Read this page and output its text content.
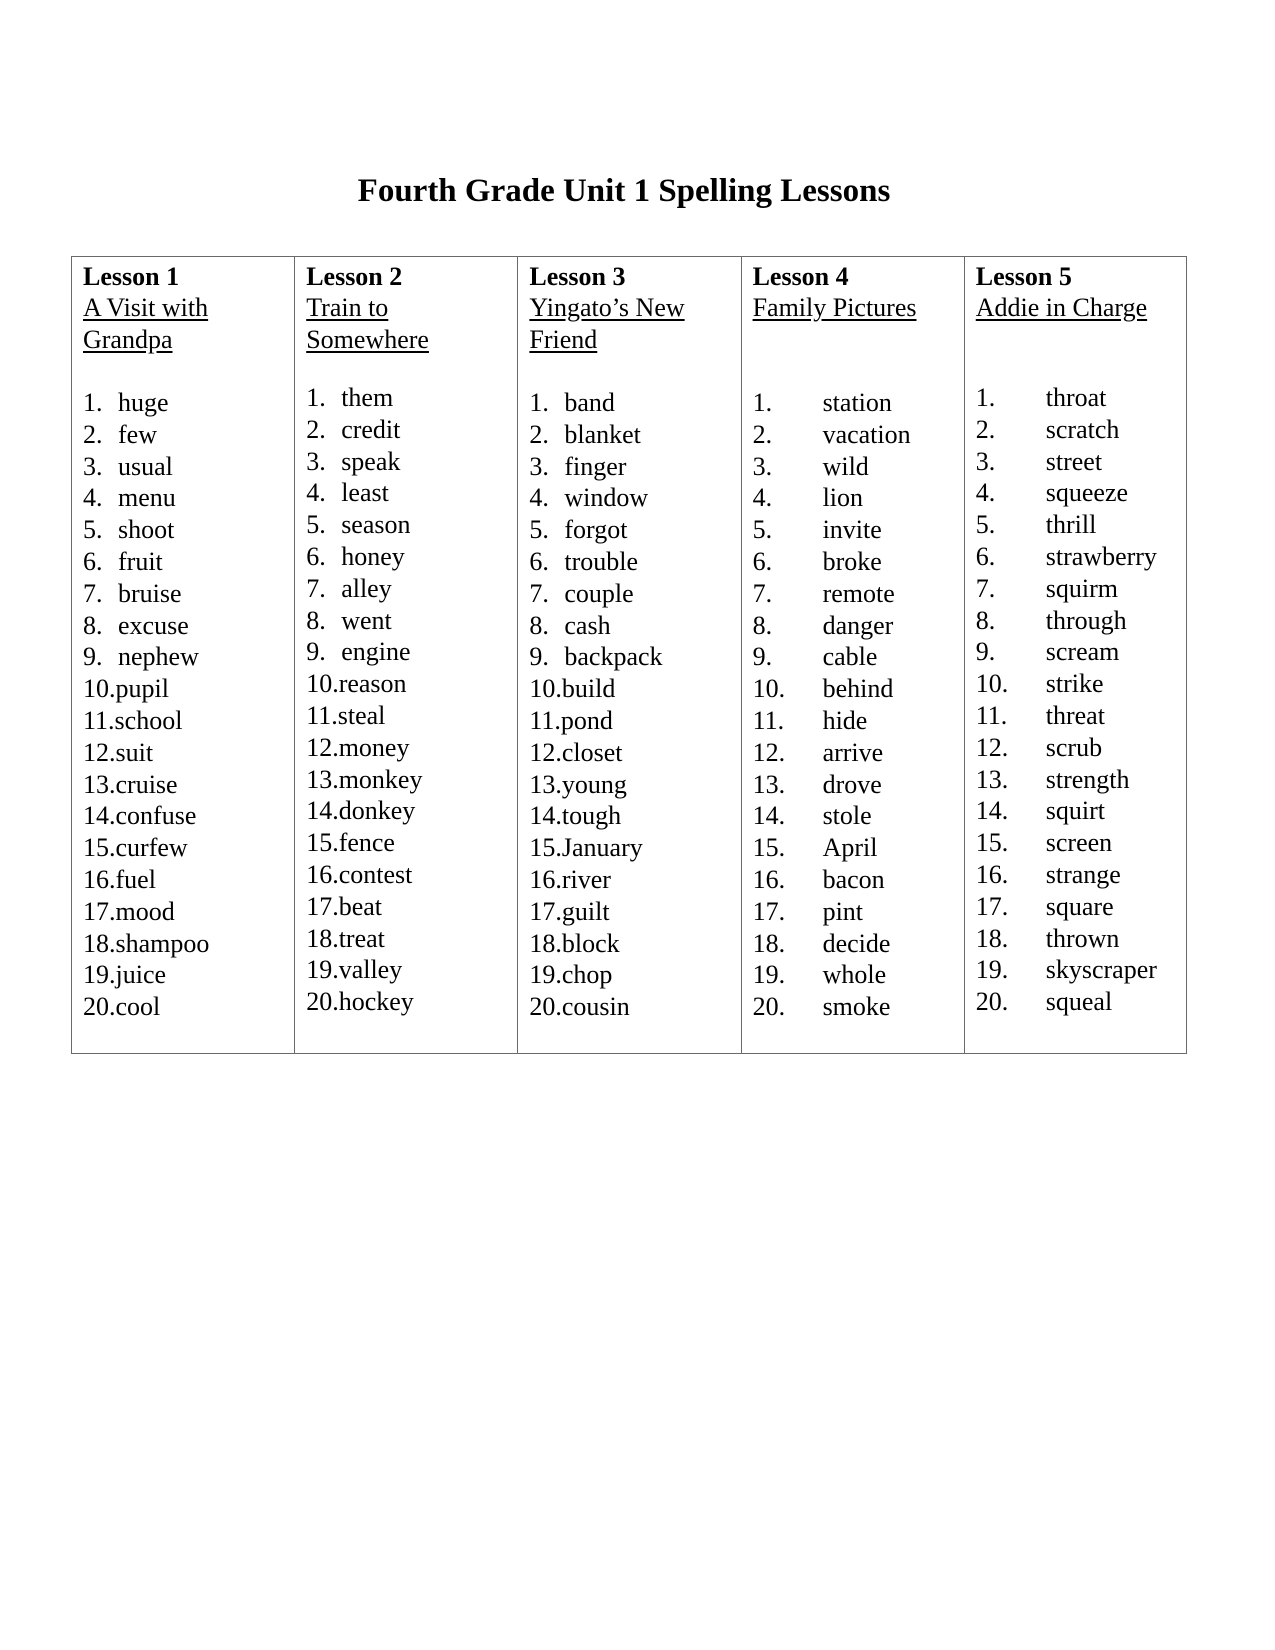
Fourth Grade Unit 1 Spelling Lessons
Lesson 1
A Visit with
Grandpa
1. huge
2. few
3. usual
4. menu
5. shoot
6. fruit
7. bruise
8. excuse
9. nephew
10. pupil
11. school
12. suit
13. cruise
14. confuse
15. curfew
16. fuel
17. mood
18. shampoo
19. juice
20. cool
Lesson 2
Train to
Somewhere
1. them
2. credit
3. speak
4. least
5. season
6. honey
7. alley
8. went
9. engine
10. reason
11. steal
12. money
13. monkey
14. donkey
15. fence
16. contest
17. beat
18. treat
19. valley
20. hockey
Lesson 3
Yingato’s New
Friend
1. band
2. blanket
3. finger
4. window
5. forgot
6. trouble
7. couple
8. cash
9. backpack
10. build
11. pond
12. closet
13. young
14. tough
15. January
16. river
17. guilt
18. block
19. chop
20. cousin
Lesson 4
Family Pictures
1.	station
2.	vacation
3.	wild
4.	lion
5.	invite
6.	broke
7.	remote
8.	danger
9.	cable
10.	behind
11.	hide
12.	arrive
13.	drove
14.	stole
15.	April
16.	bacon
17.	pint
18.	decide
19.	whole
20.	smoke
Lesson 5
Addie in Charge
1.	throat
2.	scratch
3.	street
4.	squeeze
5.	thrill
6.	strawberry
7.	squirm
8.	through
9.	scream
10.	strike
11.	threat
12.	scrub
13.	strength
14.	squirt
15.	screen
16.	strange
17.	square
18.	thrown
19.	skyscraper
20.	squeal
